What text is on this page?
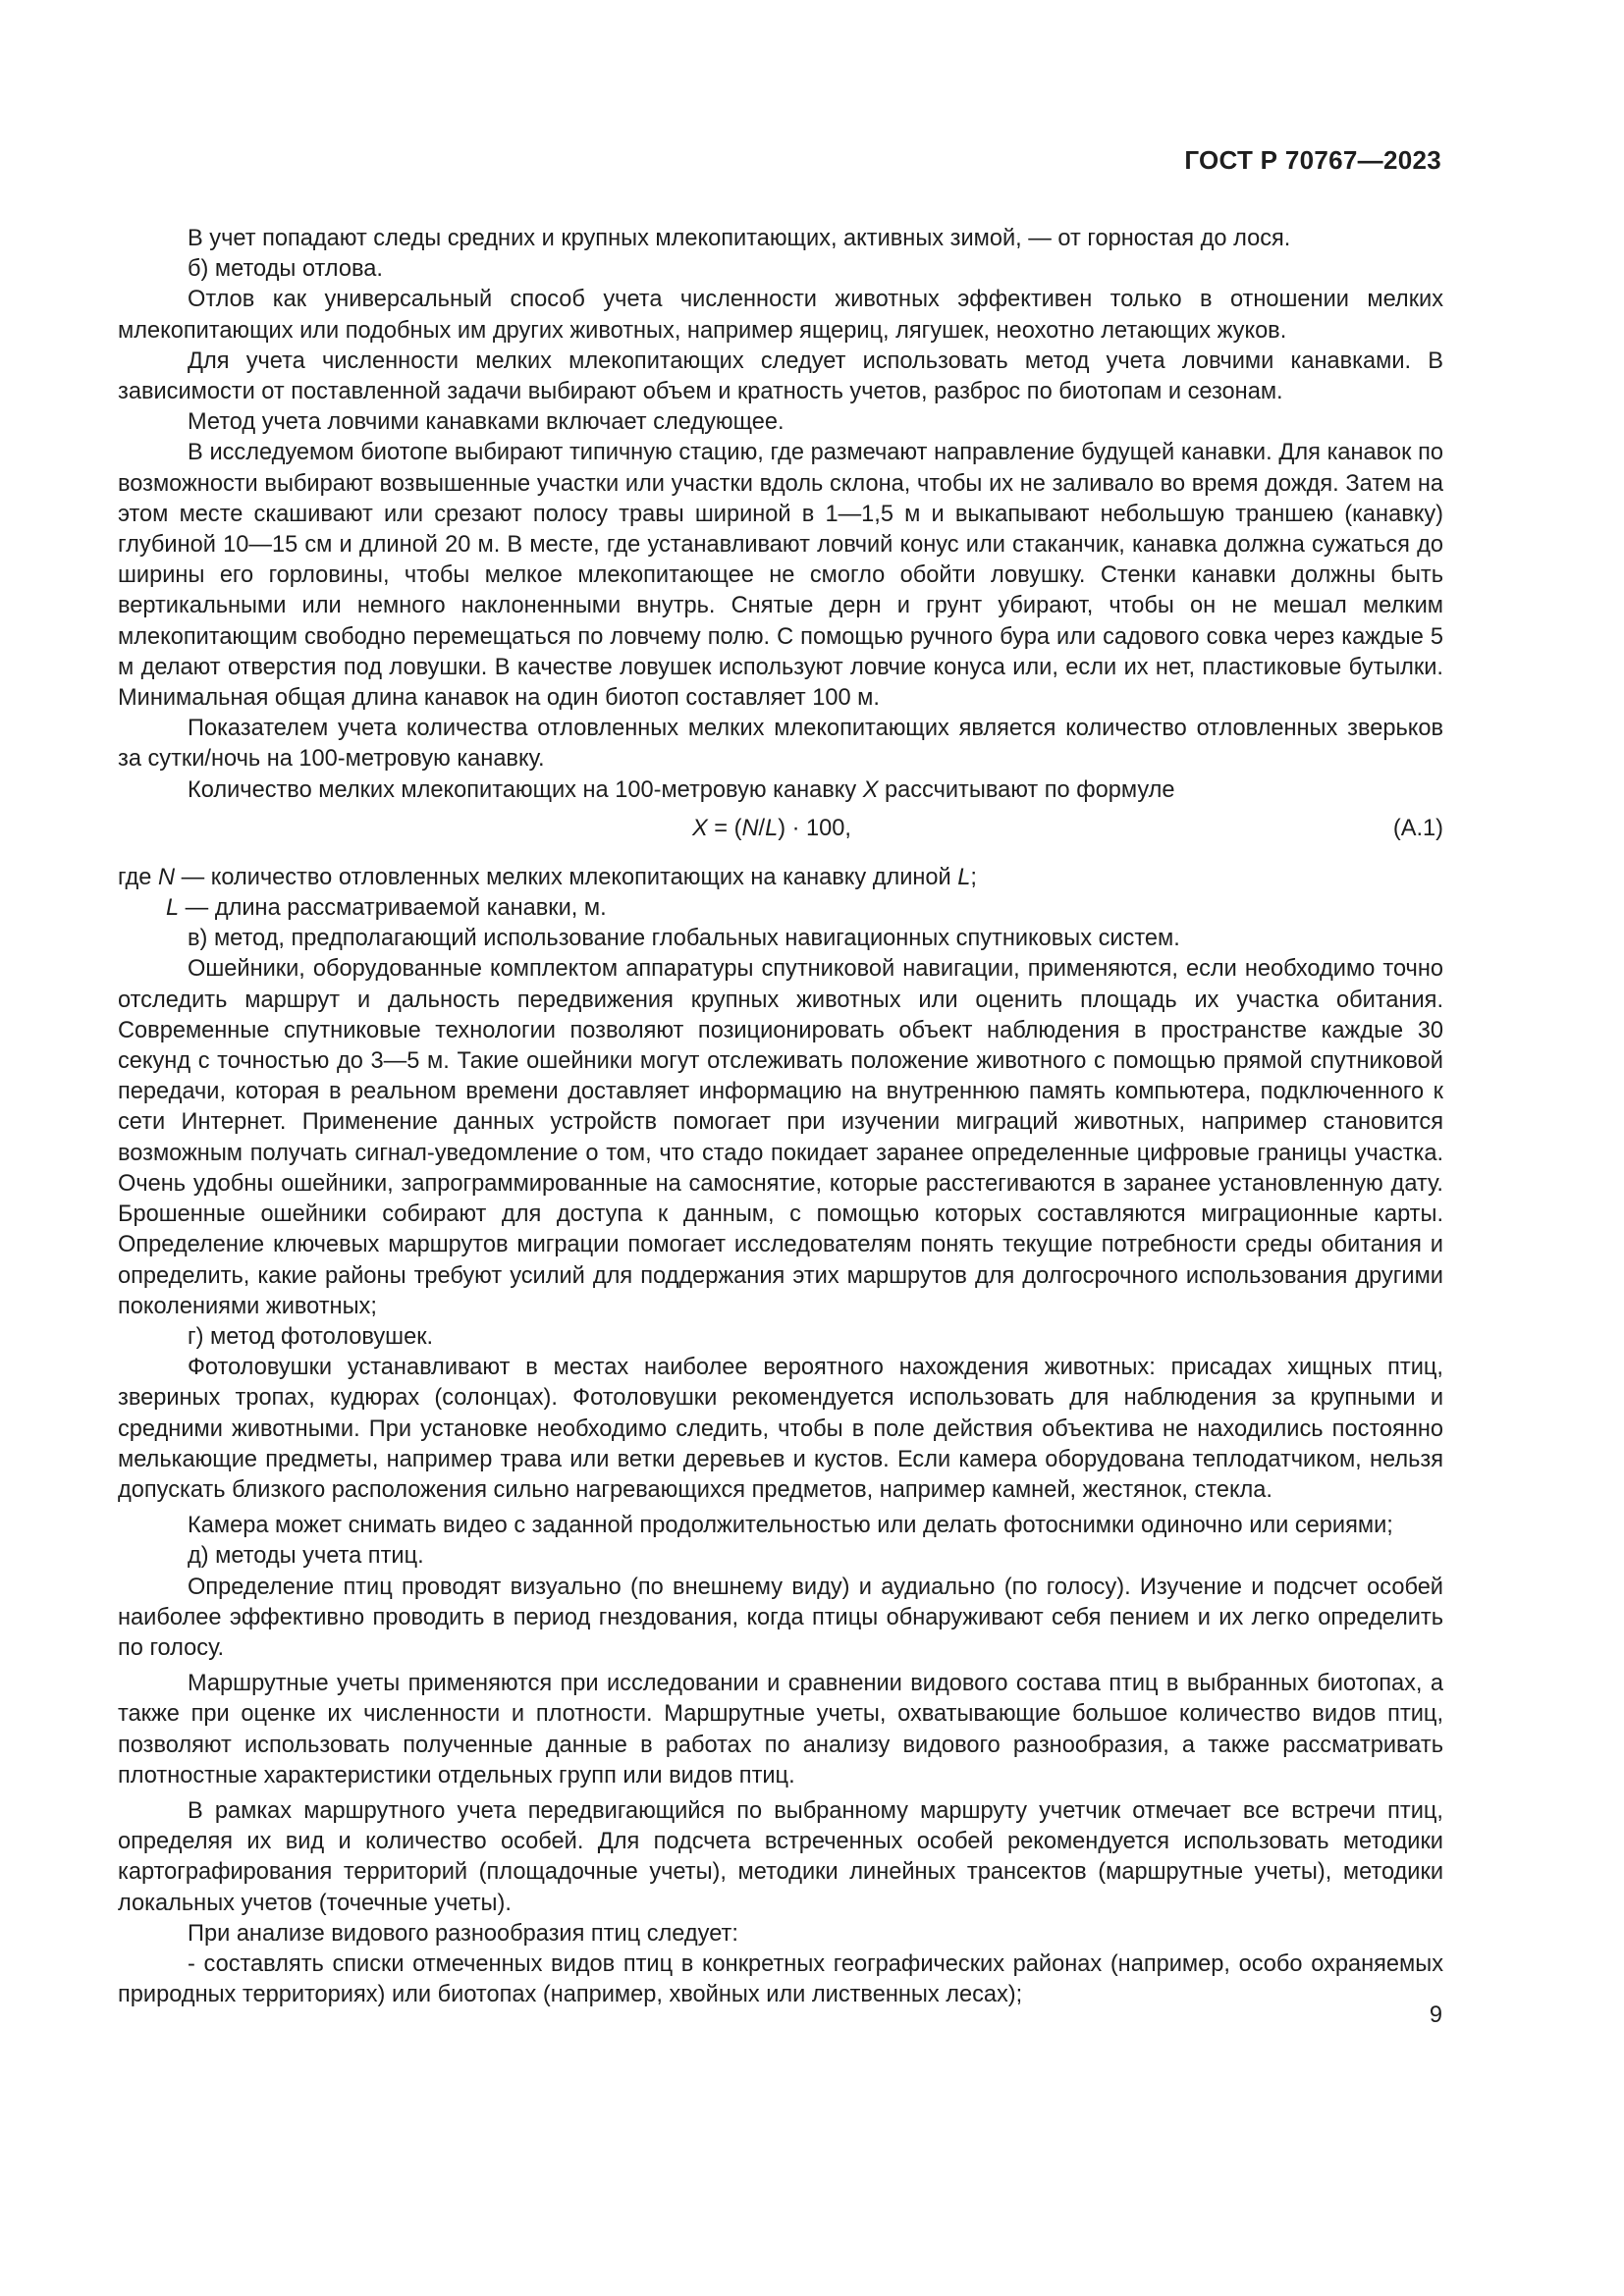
ГОСТ Р 70767—2023

В учет попадают следы средних и крупных млекопитающих, активных зимой, — от горностая до лося.

б) методы отлова.

Отлов как универсальный способ учета численности животных эффективен только в отношении мелких млекопитающих или подобных им других животных, например ящериц, лягушек, неохотно летающих жуков.

Для учета численности мелких млекопитающих следует использовать метод учета ловчими канавками. В зависимости от поставленной задачи выбирают объем и кратность учетов, разброс по биотопам и сезонам.

Метод учета ловчими канавками включает следующее.

В исследуемом биотопе выбирают типичную стацию, где размечают направление будущей канавки. Для канавок по возможности выбирают возвышенные участки или участки вдоль склона, чтобы их не заливало во время дождя. Затем на этом месте скашивают или срезают полосу травы шириной в 1—1,5 м и выкапывают небольшую траншею (канавку) глубиной 10—15 см и длиной 20 м. В месте, где устанавливают ловчий конус или стаканчик, канавка должна сужаться до ширины его горловины, чтобы мелкое млекопитающее не смогло обойти ловушку. Стенки канавки должны быть вертикальными или немного наклоненными внутрь. Снятые дерн и грунт убирают, чтобы он не мешал мелким млекопитающим свободно перемещаться по ловчему полю. С помощью ручного бура или садового совка через каждые 5 м делают отверстия под ловушки. В качестве ловушек используют ловчие конуса или, если их нет, пластиковые бутылки. Минимальная общая длина канавок на один биотоп составляет 100 м.

Показателем учета количества отловленных мелких млекопитающих является количество отловленных зверьков за сутки/ночь на 100-метровую канавку.

Количество мелких млекопитающих на 100-метровую канавку X рассчитывают по формуле

X = (N/L) · 100,	(А.1)
где N — количество отловленных мелких млекопитающих на канавку длиной L;
L — длина рассматриваемой канавки, м.

в) метод, предполагающий использование глобальных навигационных спутниковых систем.

Ошейники, оборудованные комплектом аппаратуры спутниковой навигации, применяются, если необходимо точно отследить маршрут и дальность передвижения крупных животных или оценить площадь их участка обитания. Современные спутниковые технологии позволяют позиционировать объект наблюдения в пространстве каждые 30 секунд с точностью до 3—5 м. Такие ошейники могут отслеживать положение животного с помощью прямой спутниковой передачи, которая в реальном времени доставляет информацию на внутреннюю память компьютера, подключенного к сети Интернет. Применение данных устройств помогает при изучении миграций животных, например становится возможным получать сигнал-уведомление о том, что стадо покидает заранее определенные цифровые границы участка. Очень удобны ошейники, запрограммированные на самоснятие, которые расстегиваются в заранее установленную дату. Брошенные ошейники собирают для доступа к данным, с помощью которых составляются миграционные карты. Определение ключевых маршрутов миграции помогает исследователям понять текущие потребности среды обитания и определить, какие районы требуют усилий для поддержания этих маршрутов для долгосрочного использования другими поколениями животных;

г) метод фотоловушек.

Фотоловушки устанавливают в местах наиболее вероятного нахождения животных: присадах хищных птиц, звериных тропах, кудюрах (солонцах). Фотоловушки рекомендуется использовать для наблюдения за крупными и средними животными. При установке необходимо следить, чтобы в поле действия объектива не находились постоянно мелькающие предметы, например трава или ветки деревьев и кустов. Если камера оборудована теплодатчиком, нельзя допускать близкого расположения сильно нагревающихся предметов, например камней, жестянок, стекла.

Камера может снимать видео с заданной продолжительностью или делать фотоснимки одиночно или сериями;

д) методы учета птиц.

Определение птиц проводят визуально (по внешнему виду) и аудиально (по голосу). Изучение и подсчет особей наиболее эффективно проводить в период гнездования, когда птицы обнаруживают себя пением и их легко определить по голосу.

Маршрутные учеты применяются при исследовании и сравнении видового состава птиц в выбранных биотопах, а также при оценке их численности и плотности. Маршрутные учеты, охватывающие большое количество видов птиц, позволяют использовать полученные данные в работах по анализу видового разнообразия, а также рассматривать плотностные характеристики отдельных групп или видов птиц.

В рамках маршрутного учета передвигающийся по выбранному маршруту учетчик отмечает все встречи птиц, определяя их вид и количество особей. Для подсчета встреченных особей рекомендуется использовать методики картографирования территорий (площадочные учеты), методики линейных трансектов (маршрутные учеты), методики локальных учетов (точечные учеты).

При анализе видового разнообразия птиц следует:

- составлять списки отмеченных видов птиц в конкретных географических районах (например, особо охраняемых природных территориях) или биотопах (например, хвойных или лиственных лесах);

9
